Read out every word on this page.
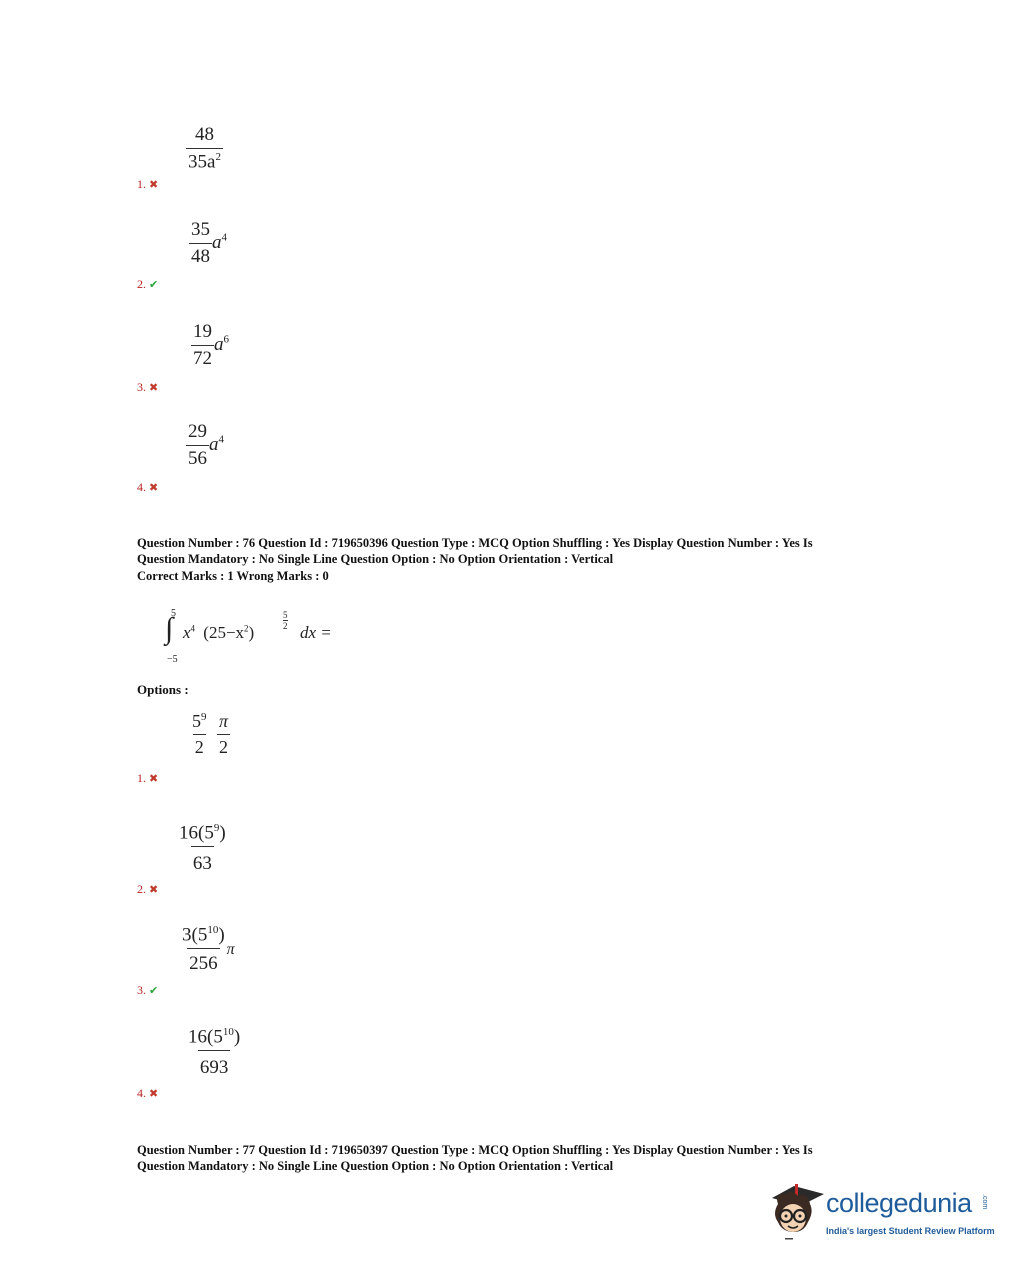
$\frac{48}{35a^2}$
1. ✖
$\frac{35}{48} a^4$
2. ✔
$\frac{19}{72} a^6$
3. ✖
$\frac{29}{56} a^4$
4. ✖
Question Number : 76 Question Id : 719650396 Question Type : MCQ Option Shuffling : Yes Display Question Number : Yes Is
Question Mandatory : No Single Line Question Option : No Option Orientation : Vertical
Correct Marks : 1 Wrong Marks : 0
5
∫
−5
$x^4$ $(25-x^2)$
5
2 dx =
Options :
$\frac{5^9}{2}$
$\frac{\pi}{2}$
1. ✖
$\frac{16(5^9)}{63}$
2. ✖
$\frac{3(5^{10})}{256}$ π
3. ✔
$\frac{16(5^{10})}{693}$
4. ✖
Question Number : 77 Question Id : 719650397 Question Type : MCQ Option Shuffling : Yes Display Question Number : Yes Is
Question Mandatory : No Single Line Question Option : No Option Orientation : Vertical
collegedunia .com
India's largest Student Review Platform
